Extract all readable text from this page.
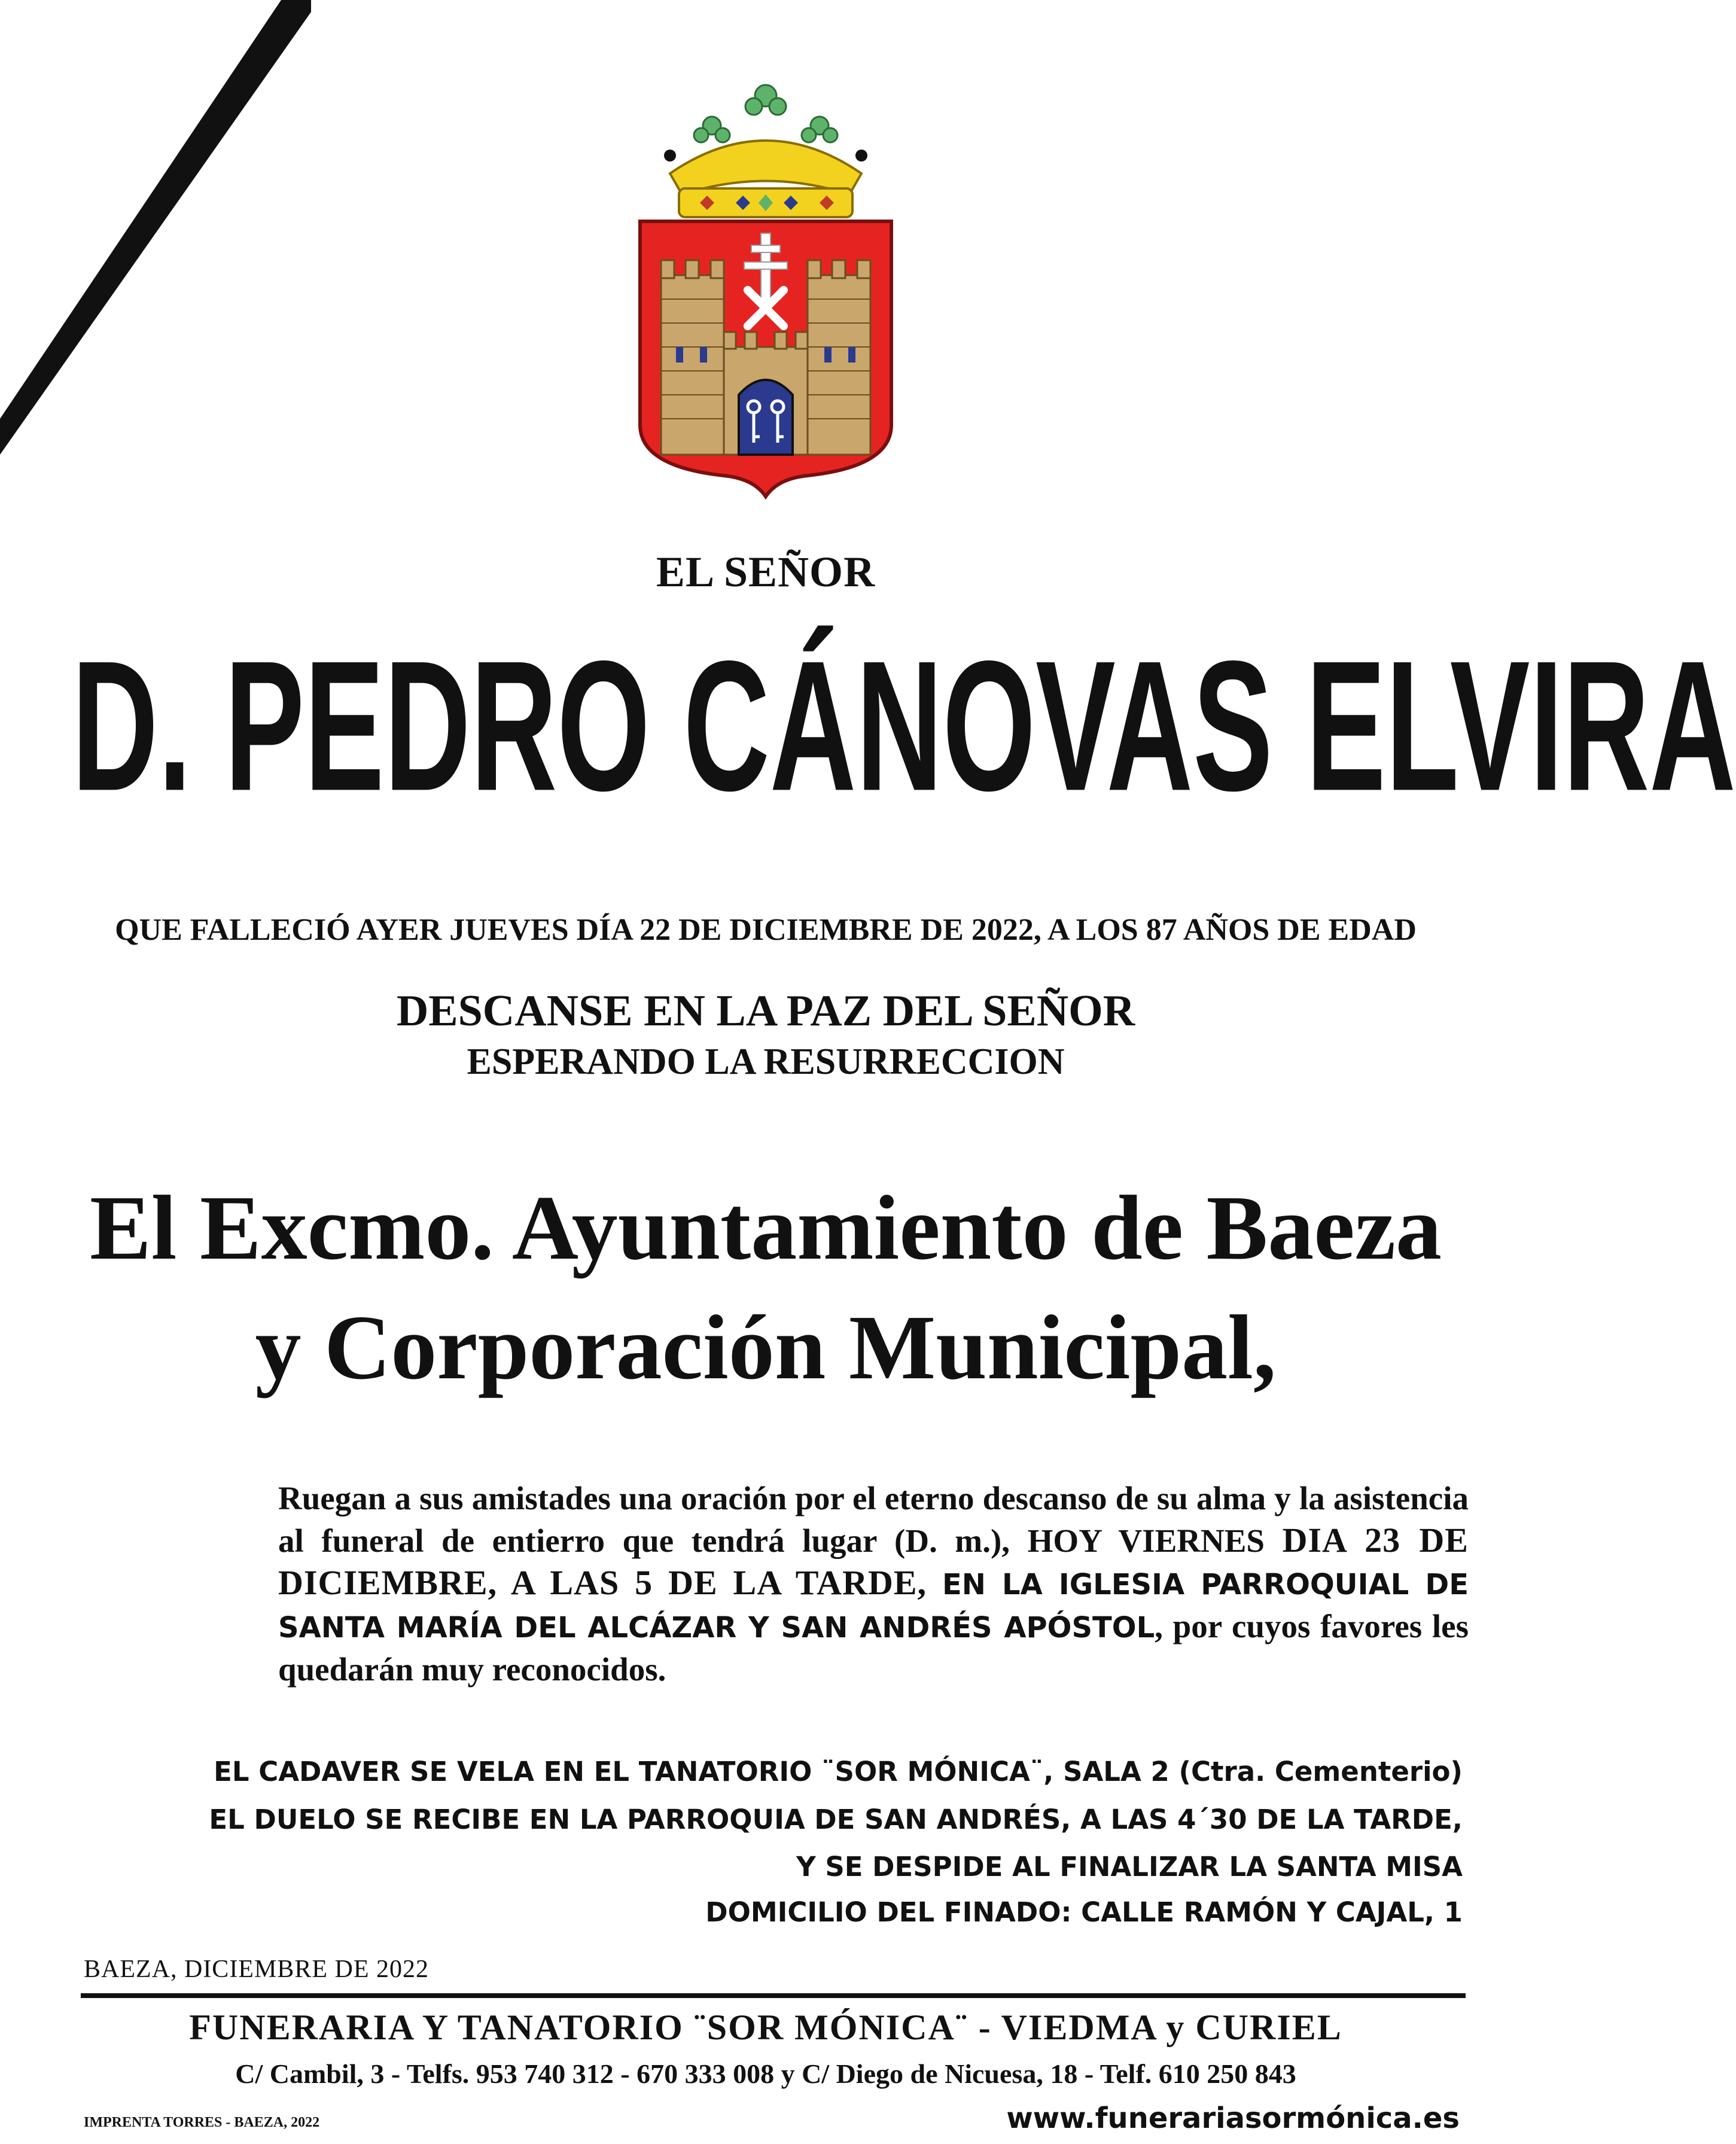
EL SEÑOR
D. PEDRO CÁNOVAS ELVIRA
QUE FALLECIÓ AYER JUEVES DÍA 22 DE DICIEMBRE DE 2022, A LOS 87 AÑOS DE EDAD
DESCANSE EN LA PAZ DEL SEÑOR
ESPERANDO LA RESURRECCION
El Excmo. Ayuntamiento de Baeza
y Corporación Municipal,
Ruegan a sus amistades una oración por el eterno descanso de su alma y la asistencia al funeral de entierro que tendrá lugar (D. m.), HOY VIERNES DIA 23 DE DICIEMBRE, A LAS 5 DE LA TARDE, EN LA IGLESIA PARROQUIAL DE SANTA MARÍA DEL ALCÁZAR Y SAN ANDRÉS APÓSTOL, por cuyos favores les quedarán muy reconocidos.
EL CADAVER SE VELA EN EL TANATORIO ¨SOR MÓNICA¨, SALA 2 (Ctra. Cementerio)
EL DUELO SE RECIBE EN LA PARROQUIA DE SAN ANDRÉS, A LAS 4´30 DE LA TARDE,
Y SE DESPIDE AL FINALIZAR LA SANTA MISA
DOMICILIO DEL FINADO: CALLE RAMÓN Y CAJAL, 1
BAEZA, DICIEMBRE DE 2022
FUNERARIA Y TANATORIO ¨SOR MÓNICA¨ - VIEDMA y CURIEL
C/ Cambil, 3 - Telfs. 953 740 312 - 670 333 008 y C/ Diego de Nicuesa, 18 - Telf. 610 250 843
IMPRENTA TORRES - BAEZA, 2022	www.funerariasormónica.es
